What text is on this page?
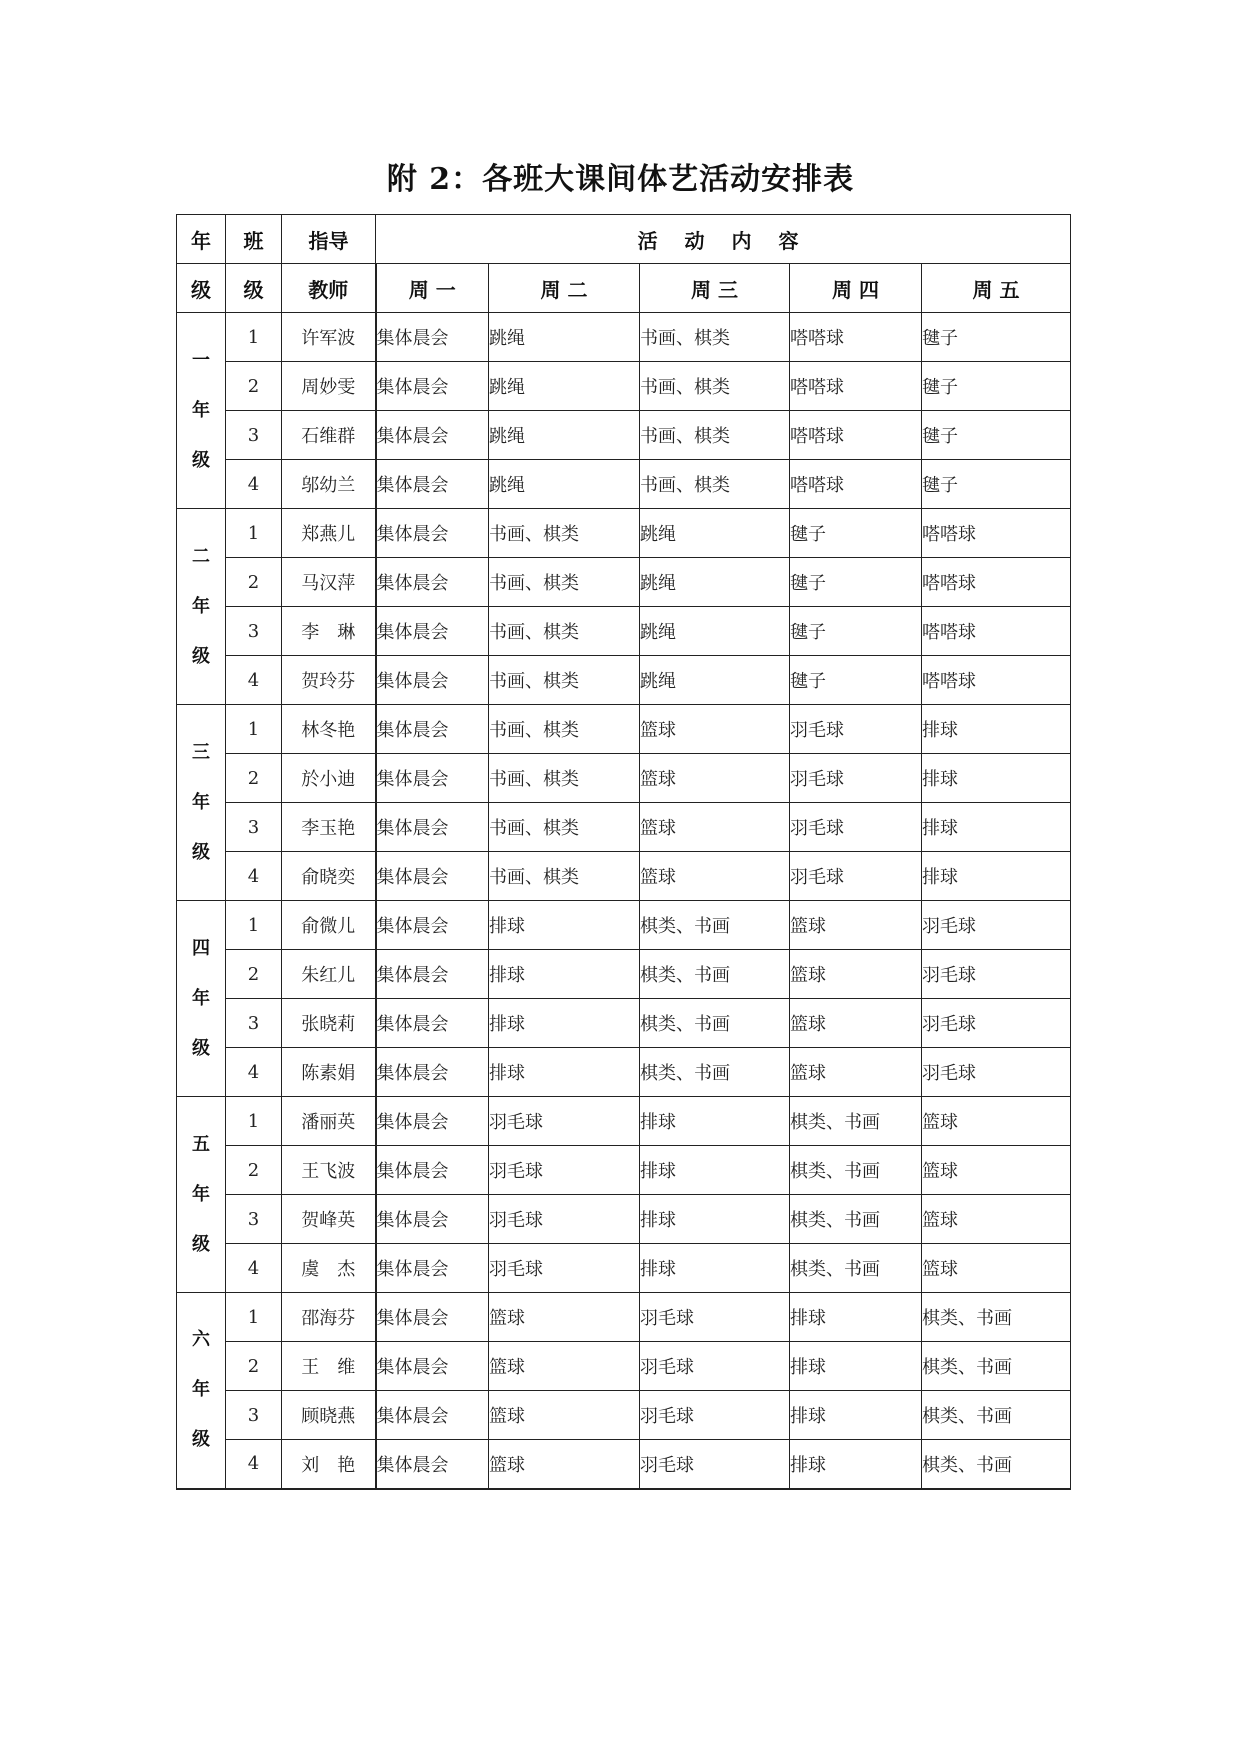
附 2：各班大课间体艺活动安排表
年	班	指导	活 动 内 容				
级	级	教师	周 一	周 二	周 三	周 四	周 五

一
年
级	1	许军波	集体晨会	跳绳	书画、棋类	嗒嗒球	毽子
	2	周妙雯	集体晨会	跳绳	书画、棋类	嗒嗒球	毽子
	3	石维群	集体晨会	跳绳	书画、棋类	嗒嗒球	毽子
	4	邬幼兰	集体晨会	跳绳	书画、棋类	嗒嗒球	毽子

二
年
级	1	郑燕儿	集体晨会	书画、棋类	跳绳	毽子	嗒嗒球
	2	马汉萍	集体晨会	书画、棋类	跳绳	毽子	嗒嗒球
	3	李　琳	集体晨会	书画、棋类	跳绳	毽子	嗒嗒球
	4	贺玲芬	集体晨会	书画、棋类	跳绳	毽子	嗒嗒球

三
年
级	1	林冬艳	集体晨会	书画、棋类	篮球	羽毛球	排球
	2	於小迪	集体晨会	书画、棋类	篮球	羽毛球	排球
	3	李玉艳	集体晨会	书画、棋类	篮球	羽毛球	排球
	4	俞晓奕	集体晨会	书画、棋类	篮球	羽毛球	排球

四
年
级	1	俞微儿	集体晨会	排球	棋类、书画	篮球	羽毛球
	2	朱红儿	集体晨会	排球	棋类、书画	篮球	羽毛球
	3	张晓莉	集体晨会	排球	棋类、书画	篮球	羽毛球
	4	陈素娟	集体晨会	排球	棋类、书画	篮球	羽毛球

五
年
级	1	潘丽英	集体晨会	羽毛球	排球	棋类、书画	篮球
	2	王飞波	集体晨会	羽毛球	排球	棋类、书画	篮球
	3	贺峰英	集体晨会	羽毛球	排球	棋类、书画	篮球
	4	虞　杰	集体晨会	羽毛球	排球	棋类、书画	篮球

六
年
级	1	邵海芬	集体晨会	篮球	羽毛球	排球	棋类、书画
	2	王　维	集体晨会	篮球	羽毛球	排球	棋类、书画
	3	顾晓燕	集体晨会	篮球	羽毛球	排球	棋类、书画
	4	刘　艳	集体晨会	篮球	羽毛球	排球	棋类、书画
